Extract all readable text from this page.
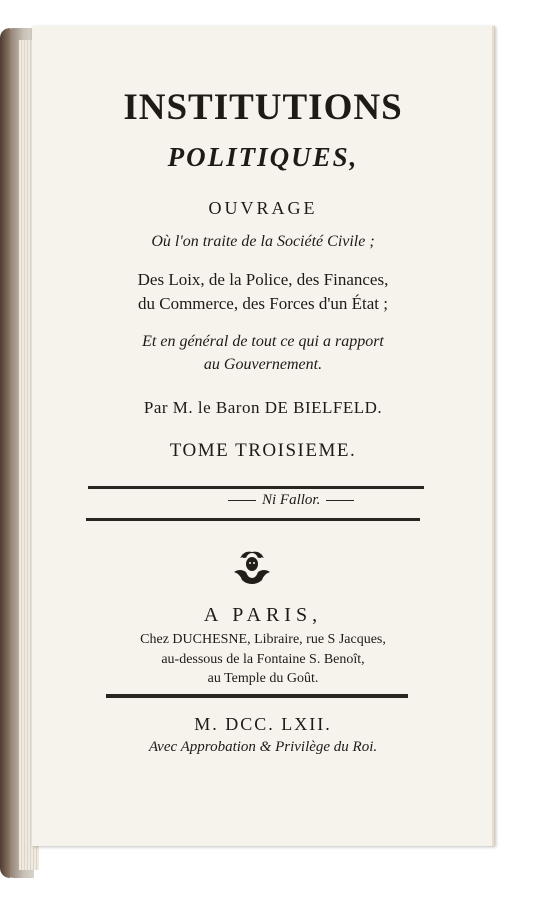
INSTITUTIONS
POLITIQUES,
OUVRAGE
Où l'on traite de la Société Civile ;
Des Loix, de la Police, des Finances,
du Commerce, des Forces d'un État ;
Et en général de tout ce qui a rapport
au Gouvernement.
Par M. le Baron DE BIELFELD.
TOME TROISIEME.
Ni Fallor.
A PARIS,
Chez DUCHESNE, Libraire, rue S Jacques,
au-dessous de la Fontaine S. Benoît,
au Temple du Goût.
M. DCC. LXII.
Avec Approbation & Privilège du Roi.
